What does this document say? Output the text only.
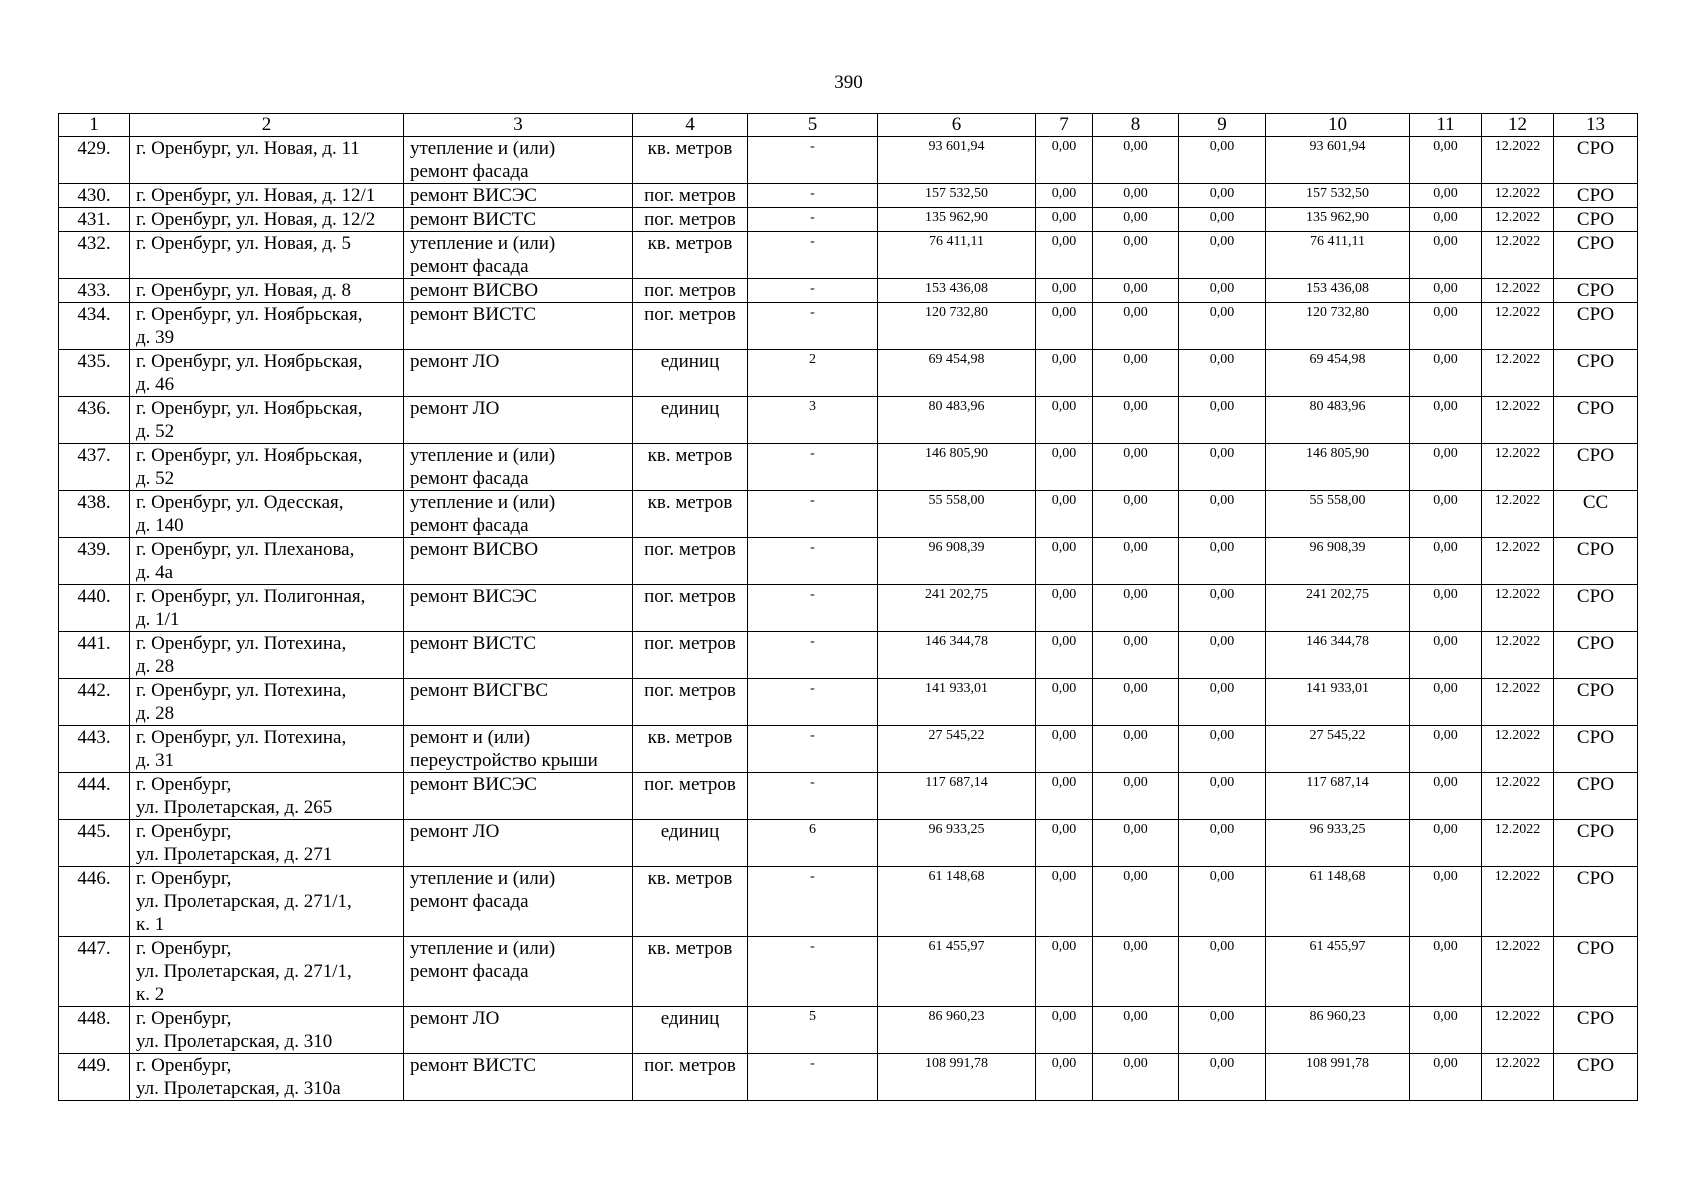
390
1	2	3	4	5	6	7	8	9	10	11	12	13
429.	г. Оренбург, ул. Новая, д. 11	утепление и (или)
ремонт фасада	кв. метров	-	93 601,94	0,00	0,00	0,00	93 601,94	0,00	12.2022	СРО
430.	г. Оренбург, ул. Новая, д. 12/1	ремонт ВИСЭС	пог. метров	-	157 532,50	0,00	0,00	0,00	157 532,50	0,00	12.2022	СРО
431.	г. Оренбург, ул. Новая, д. 12/2	ремонт ВИСТС	пог. метров	-	135 962,90	0,00	0,00	0,00	135 962,90	0,00	12.2022	СРО
432.	г. Оренбург, ул. Новая, д. 5	утепление и (или)
ремонт фасада	кв. метров	-	76 411,11	0,00	0,00	0,00	76 411,11	0,00	12.2022	СРО
433.	г. Оренбург, ул. Новая, д. 8	ремонт ВИСВО	пог. метров	-	153 436,08	0,00	0,00	0,00	153 436,08	0,00	12.2022	СРО
434.	г. Оренбург, ул. Ноябрьская,
д. 39	ремонт ВИСТС	пог. метров	-	120 732,80	0,00	0,00	0,00	120 732,80	0,00	12.2022	СРО
435.	г. Оренбург, ул. Ноябрьская,
д. 46	ремонт ЛО	единиц	2	69 454,98	0,00	0,00	0,00	69 454,98	0,00	12.2022	СРО
436.	г. Оренбург, ул. Ноябрьская,
д. 52	ремонт ЛО	единиц	3	80 483,96	0,00	0,00	0,00	80 483,96	0,00	12.2022	СРО
437.	г. Оренбург, ул. Ноябрьская,
д. 52	утепление и (или)
ремонт фасада	кв. метров	-	146 805,90	0,00	0,00	0,00	146 805,90	0,00	12.2022	СРО
438.	г. Оренбург, ул. Одесская,
д. 140	утепление и (или)
ремонт фасада	кв. метров	-	55 558,00	0,00	0,00	0,00	55 558,00	0,00	12.2022	СС
439.	г. Оренбург, ул. Плеханова,
д. 4а	ремонт ВИСВО	пог. метров	-	96 908,39	0,00	0,00	0,00	96 908,39	0,00	12.2022	СРО
440.	г. Оренбург, ул. Полигонная,
д. 1/1	ремонт ВИСЭС	пог. метров	-	241 202,75	0,00	0,00	0,00	241 202,75	0,00	12.2022	СРО
441.	г. Оренбург, ул. Потехина,
д. 28	ремонт ВИСТС	пог. метров	-	146 344,78	0,00	0,00	0,00	146 344,78	0,00	12.2022	СРО
442.	г. Оренбург, ул. Потехина,
д. 28	ремонт ВИСГВС	пог. метров	-	141 933,01	0,00	0,00	0,00	141 933,01	0,00	12.2022	СРО
443.	г. Оренбург, ул. Потехина,
д. 31	ремонт и (или)
переустройство крыши	кв. метров	-	27 545,22	0,00	0,00	0,00	27 545,22	0,00	12.2022	СРО
444.	г. Оренбург,
ул. Пролетарская, д. 265	ремонт ВИСЭС	пог. метров	-	117 687,14	0,00	0,00	0,00	117 687,14	0,00	12.2022	СРО
445.	г. Оренбург,
ул. Пролетарская, д. 271	ремонт ЛО	единиц	6	96 933,25	0,00	0,00	0,00	96 933,25	0,00	12.2022	СРО
446.	г. Оренбург,
ул. Пролетарская, д. 271/1,
к. 1	утепление и (или)
ремонт фасада	кв. метров	-	61 148,68	0,00	0,00	0,00	61 148,68	0,00	12.2022	СРО
447.	г. Оренбург,
ул. Пролетарская, д. 271/1,
к. 2	утепление и (или)
ремонт фасада	кв. метров	-	61 455,97	0,00	0,00	0,00	61 455,97	0,00	12.2022	СРО
448.	г. Оренбург,
ул. Пролетарская, д. 310	ремонт ЛО	единиц	5	86 960,23	0,00	0,00	0,00	86 960,23	0,00	12.2022	СРО
449.	г. Оренбург,
ул. Пролетарская, д. 310а	ремонт ВИСТС	пог. метров	-	108 991,78	0,00	0,00	0,00	108 991,78	0,00	12.2022	СРО
